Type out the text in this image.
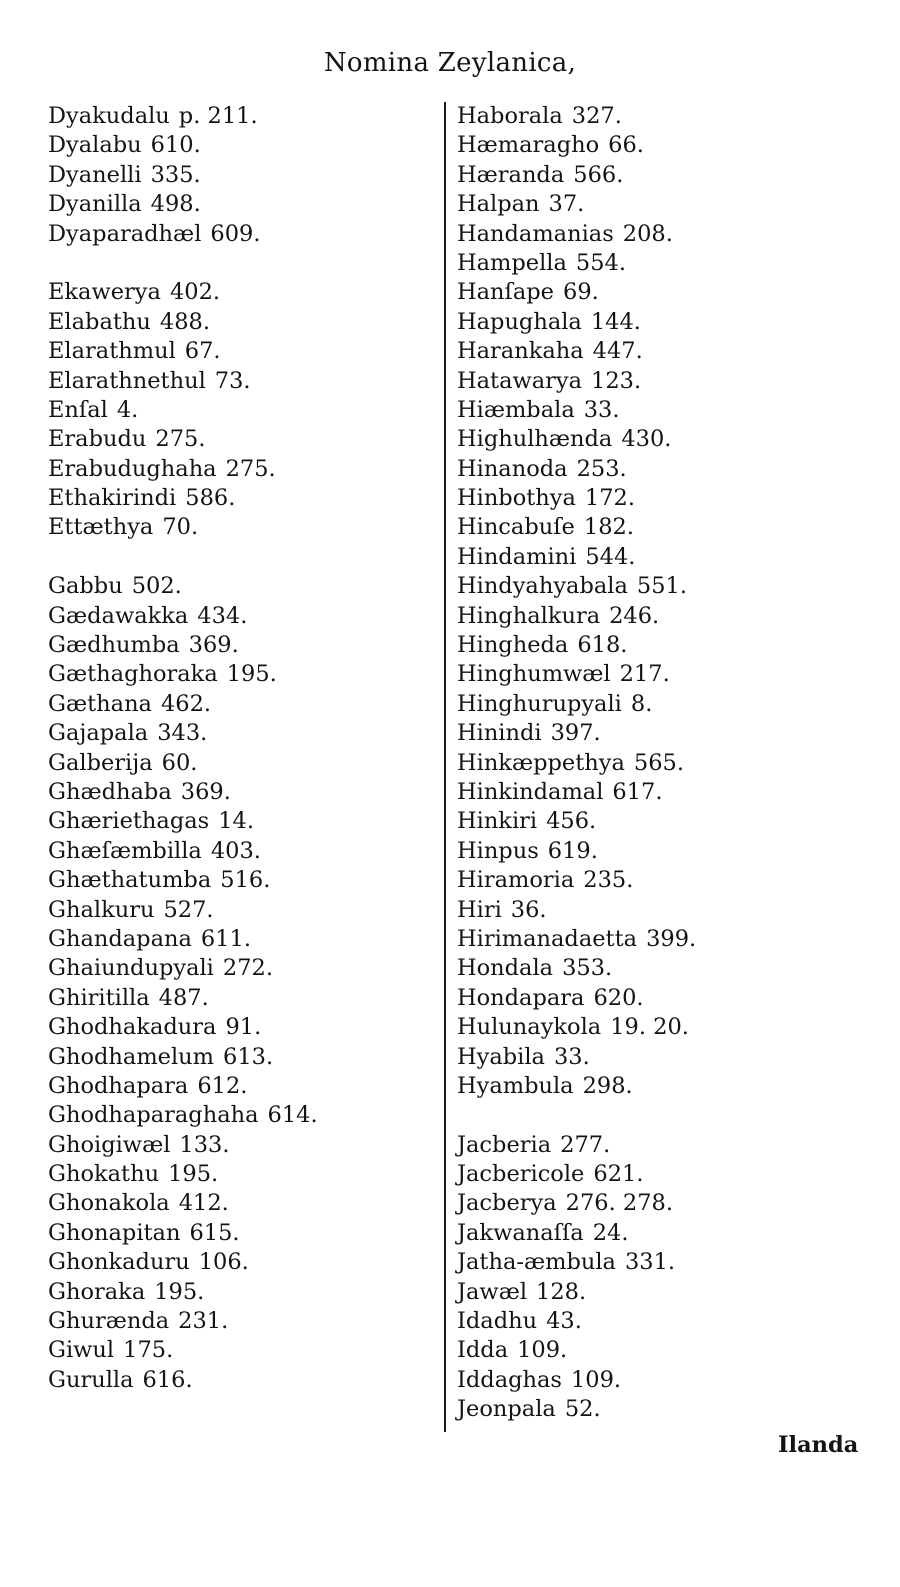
Nomina Zeylanica,
Dyakudalu p. 211.
Dyalabu 610.
Dyanelli 335.
Dyanilla 498.
Dyaparadhæl 609.
Ekawerya 402.
Elabathu 488.
Elarathmul 67.
Elarathnethul 73.
Enſal 4.
Erabudu 275.
Erabudughaha 275.
Ethakirindi 586.
Ettæthya 70.
Gabbu 502.
Gædawakka 434.
Gædhumba 369.
Gæthaghoraka 195.
Gæthana 462.
Gajapala 343.
Galberija 60.
Ghædhaba 369.
Ghæriethagas 14.
Ghæſæmbilla 403.
Ghæthatumba 516.
Ghalkuru 527.
Ghandapana 611.
Ghaiundupyali 272.
Ghiritilla 487.
Ghodhakadura 91.
Ghodhamelum 613.
Ghodhapara 612.
Ghodhaparaghaha 614.
Ghoigiwæl 133.
Ghokathu 195.
Ghonakola 412.
Ghonapitan 615.
Ghonkaduru 106.
Ghoraka 195.
Ghurænda 231.
Giwul 175.
Gurulla 616.
Haborala 327.
Hæmaragho 66.
Hæranda 566.
Halpan 37.
Handamanias 208.
Hampella 554.
Hanſape 69.
Hapughala 144.
Harankaha 447.
Hatawarya 123.
Hiæmbala 33.
Highulhænda 430.
Hinanoda 253.
Hinbothya 172.
Hincabuſe 182.
Hindamini 544.
Hindyahyabala 551.
Hinghalkura 246.
Hingheda 618.
Hinghumwæl 217.
Hinghurupyali 8.
Hinindi 397.
Hinkæppethya 565.
Hinkindamal 617.
Hinkiri 456.
Hinpus 619.
Hiramoria 235.
Hiri 36.
Hirimanadaetta 399.
Hondala 353.
Hondapara 620.
Hulunaykola 19. 20.
Hyabila 33.
Hyambula 298.
Jacberia 277.
Jacbericole 621.
Jacberya 276. 278.
Jakwanaſſa 24.
Jatha-æmbula 331.
Jawæl 128.
Idadhu 43.
Idda 109.
Iddaghas 109.
Jeonpala 52.
Ilanda
